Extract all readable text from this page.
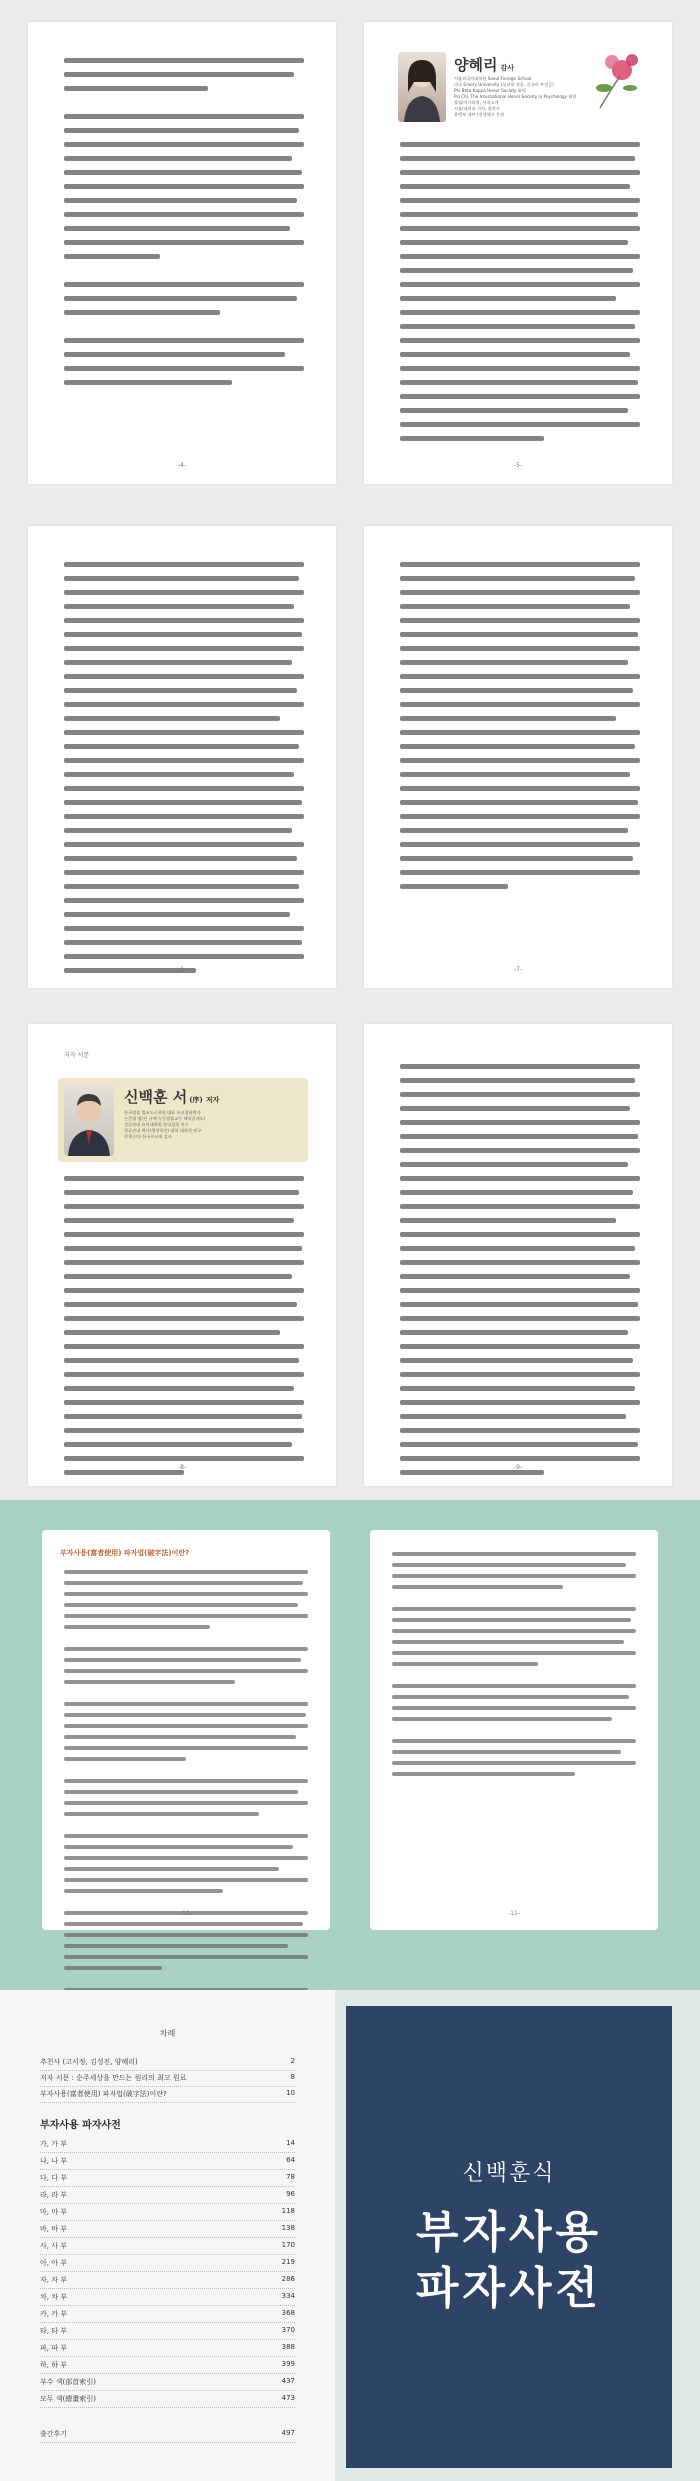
-4-
양혜리 감사
서울외국어대학원 Seoul Foreign School
미국 Emory University (심리학 전공, 중국어 부전공)
Phi Beta Kappa Honor Society 회원
Psi Chi, The International Honor Society in Psychology 회원
졸업/석사과정, 서적소개
서울/대학교 석사, 졸작가
유엔보 재단 (전생체자 문원
-5-
-6-	-7-
저자 서문
신백훈 서 (序) 저자
한국법률 법조도로학원 대표 유교철학박사
논문법 업(전 규례 농동법률교수 해학을제도)
성균관대 유학대학원 한국철학 연구
성균관대 박사(행정학전) 대학 대학원 연구
현재 (사) 한국천교제 감사
-8-	-9-
부자사용(富者使用) 파자법(破字法)이란?
-10-	-11-
차례
추천사 (고서정, 김성진, 양혜리)	2
저자 서문 : 순주세상을 만드는 원리의 최고 원료	8
부자사용(富者使用) 파자법(破字法)이란?	10
부자사용 파자사전
가, 가 부	14
나, 나 부	64
다, 다 부	78
라, 라 부	96
마, 마 부	118
바, 바 부	138
사, 사 부	170
아, 아 부	219
자, 자 부	286
차, 차 부	334
카, 카 부	368
타, 타 부	370
파, 파 부	388
하, 하 부	399
부수 색(部首索引)	437
모두 색(總畫索引)	473
출간후기	497
신백훈식
부자사용
파자사전
